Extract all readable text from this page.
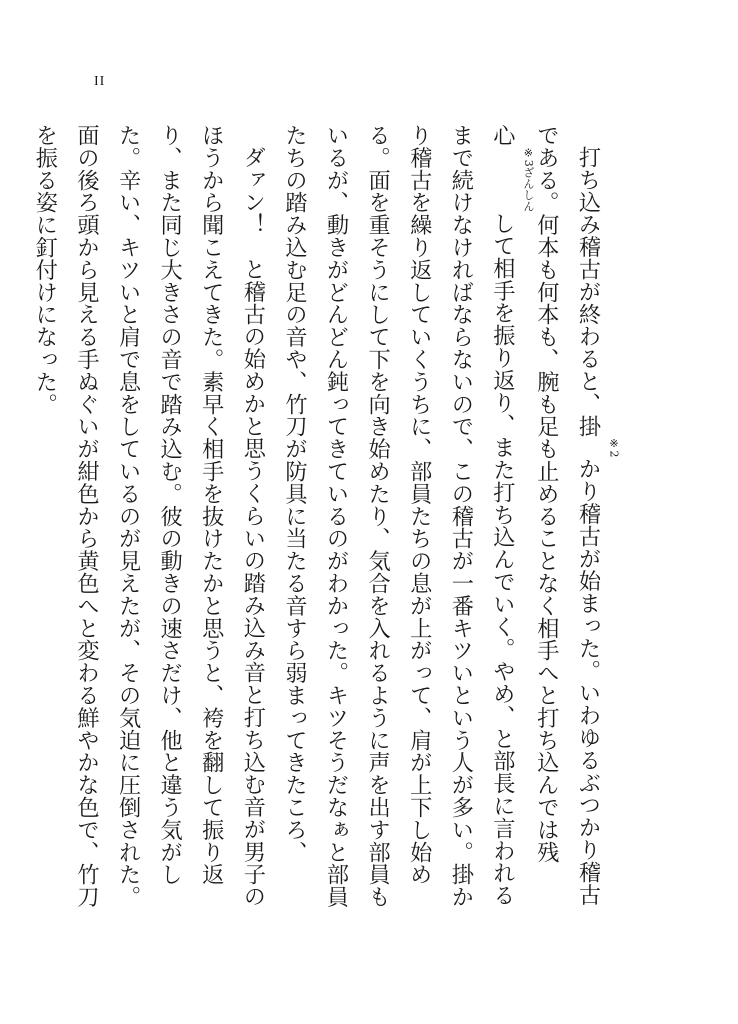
II

打ち込み稽古が終わると、掛※2かり稽古が始まった。いわゆるぶつかり稽古である。何本も何本も、腕も足も止めることなく相手へと打ち込んでは残心※3ざんしんして相手を振り返り、また打ち込んでいく。やめ、と部長に言われるまで続けなければならないので、この稽古が一番キツいという人が多い。掛かり稽古を繰り返していくうちに、部員たちの息が上がって、肩が上下し始める。面を重そうにして下を向き始めたり、気合を入れるように声を出す部員もいるが、動きがどんどん鈍ってきているのがわかった。キツそうだなぁと部員たちの踏み込む足の音や、竹刀が防具に当たる音すら弱まってきたころ、

ダァン！　と稽古の始めかと思うくらいの踏み込み音と打ち込む音が男子のほうから聞こえてきた。素早く相手を抜けたかと思うと、袴を翻して振り返り、また同じ大きさの音で踏み込む。彼の動きの速さだけ、他と違う気がした。辛い、キツいと肩で息をしているのが見えたが、その気迫に圧倒された。面の後ろ頭から見える手ぬぐいが紺色から黄色へと変わる鮮やかな色で、竹刀を振る姿に釘付けになった。
